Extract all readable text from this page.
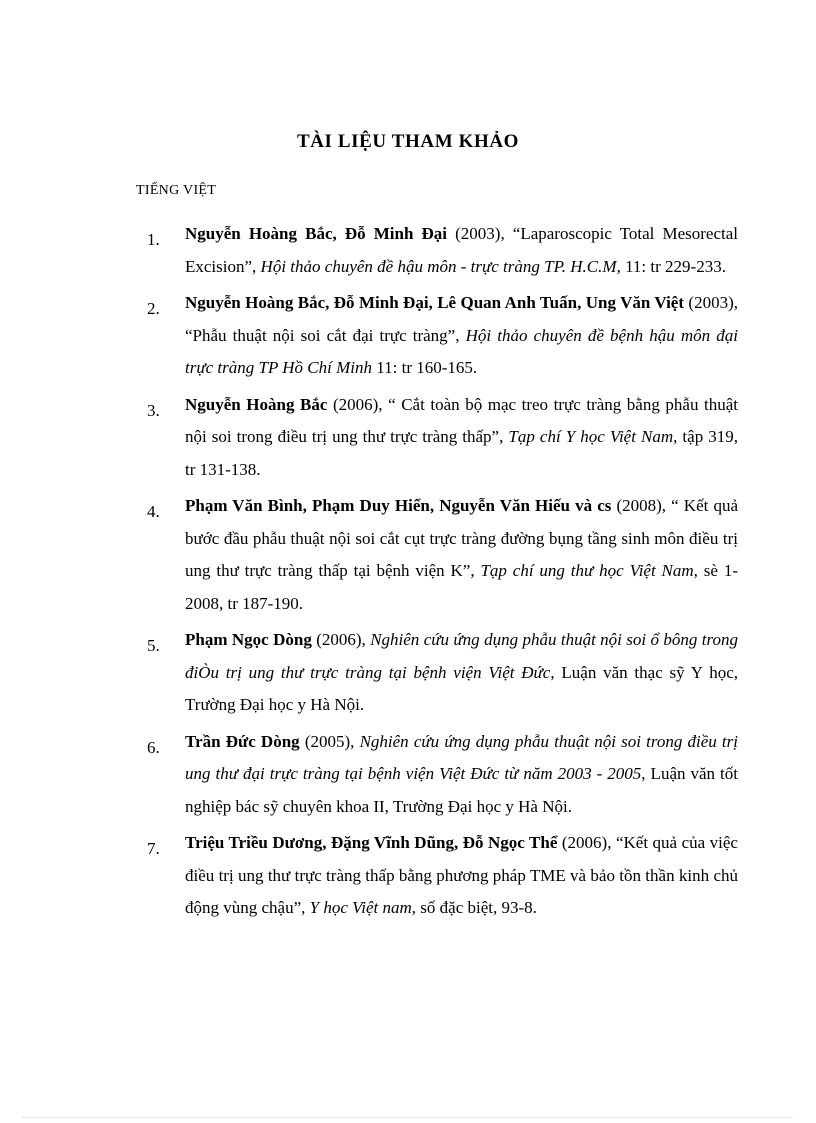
TÀI LIỆU THAM KHẢO
TIẾNG VIỆT
1. Nguyễn Hoàng Bắc, Đỗ Minh Đại (2003), “Laparoscopic Total Mesorectal Excision”, Hội thảo chuyên đề hậu môn - trực tràng TP. H.C.M, 11: tr 229-233.
2. Nguyễn Hoàng Bắc, Đỗ Minh Đại, Lê Quan Anh Tuấn, Ung Văn Việt (2003), “Phẫu thuật nội soi cắt đại trực tràng”, Hội thảo chuyên đề bệnh hậu môn đại trực tràng TP Hồ Chí Minh 11: tr 160-165.
3. Nguyễn Hoàng Bắc (2006), “ Cắt toàn bộ mạc treo trực tràng bằng phẫu thuật nội soi trong điều trị ung thư trực tràng thấp”, Tạp chí Y học Việt Nam, tập 319, tr 131-138.
4. Phạm Văn Bình, Phạm Duy Hiển, Nguyễn Văn Hiếu và cs (2008), “ Kết quả bước đầu phẫu thuật nội soi cắt cụt trực tràng đường bụng tầng sinh môn điều trị ung thư trực tràng thấp tại bệnh viện K”, Tạp chí ung thư học Việt Nam, sè 1-2008, tr 187-190.
5. Phạm Ngọc Dòng (2006), Nghiên cứu ứng dụng phẫu thuật nội soi ổ bông trong điÒu trị ung thư trực tràng tại bệnh viện Việt Đức, Luận văn thạc sỹ Y học, Trường Đại học y Hà Nội.
6. Trần Đức Dòng (2005), Nghiên cứu ứng dụng phẫu thuật nội soi trong điều trị ung thư đại trực tràng tại bệnh viện Việt Đức từ năm 2003 - 2005, Luận văn tốt nghiệp bác sỹ chuyên khoa II, Trường Đại học y Hà Nội.
7. Triệu Triều Dương, Đặng Vĩnh Dũng, Đỗ Ngọc Thể (2006), “Kết quả của việc điều trị ung thư trực tràng thấp bằng phương pháp TME và bảo tồn thần kinh chủ động vùng chậu”, Y học Việt nam, số đặc biệt, 93-8.
